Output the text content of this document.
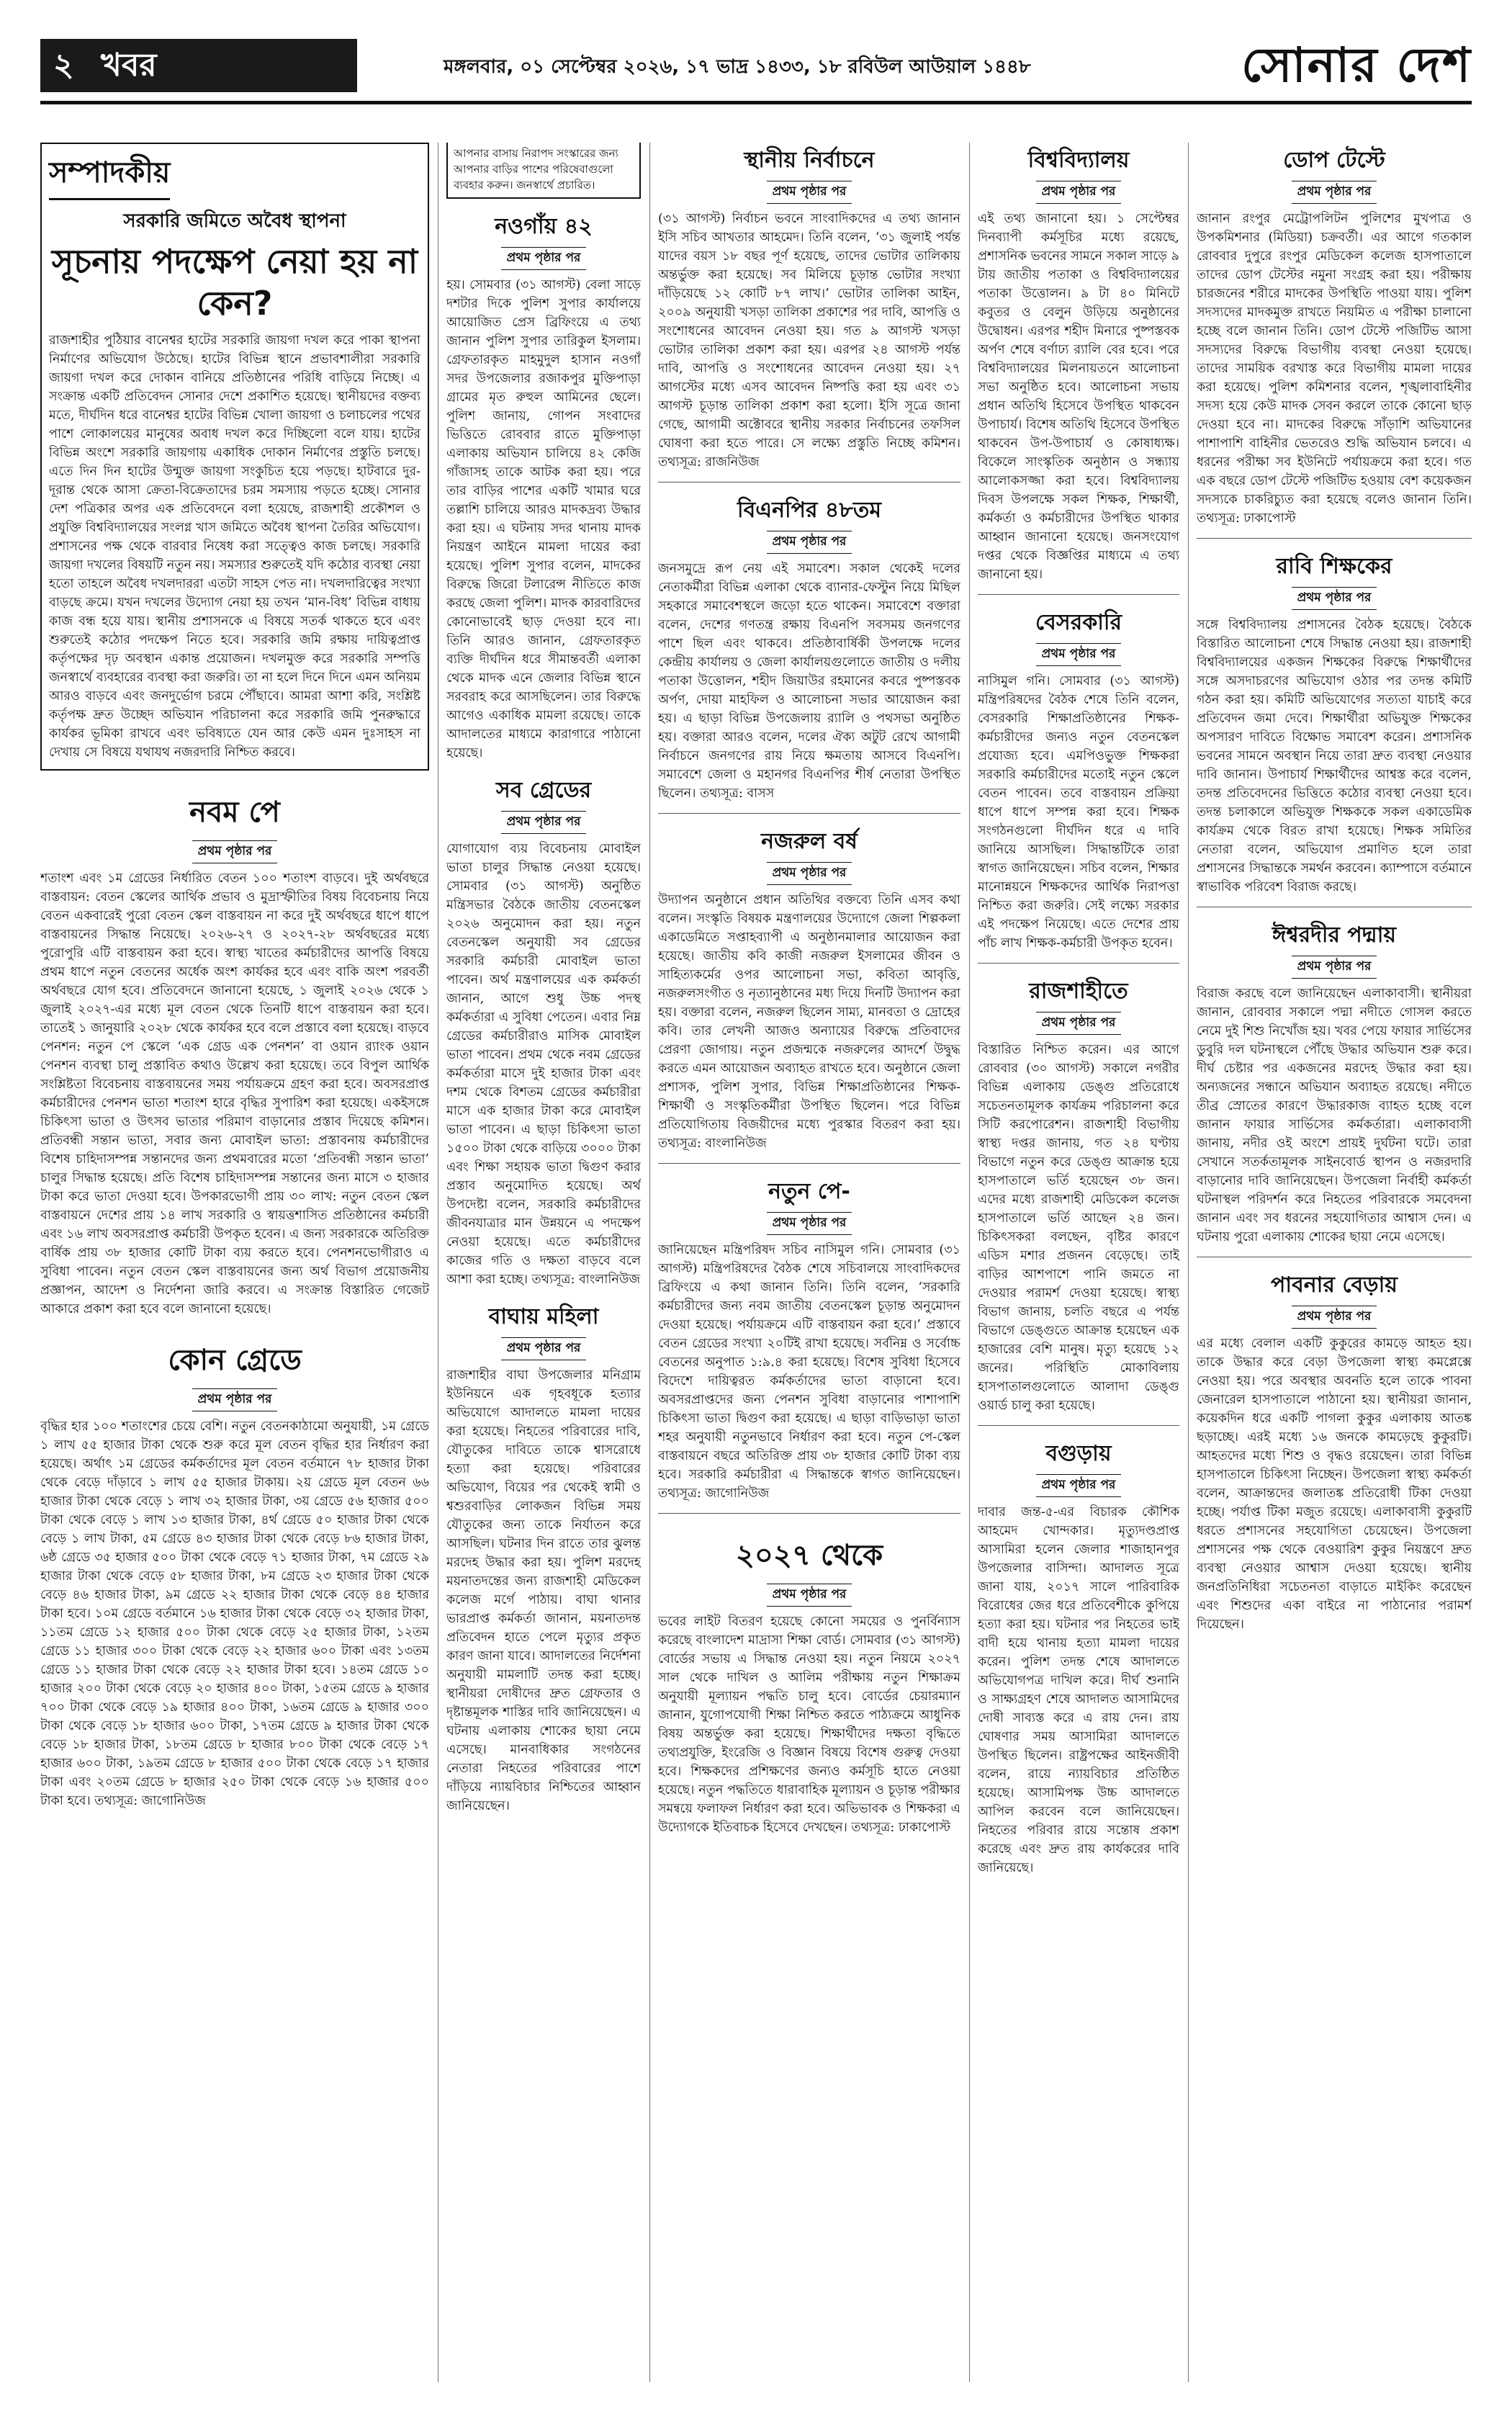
২ খবর	মঙ্গলবার, ০১ সেপ্টেম্বর ২০২৬, ১৭ ভাদ্র ১৪৩৩, ১৮ রবিউল আউয়াল ১৪৪৮	সোনার দেশ
সম্পাদকীয়
সরকারি জমিতে অবৈধ স্থাপনা
সূচনায় পদক্ষেপ নেয়া হয় না কেন?

রাজশাহীর পুঠিয়ার বানেশ্বর হাটের সরকারি জায়গা দখল করে পাকা স্থাপনা নির্মাণের অভিযোগ উঠেছে। হাটের বিভিন্ন স্থানে প্রভাবশালীরা সরকারি জায়গা দখল করে দোকান বানিয়ে প্রতিষ্ঠানের পরিধি বাড়িয়ে নিচ্ছে। এ সংক্রান্ত একটি প্রতিবেদন সোনার দেশে প্রকাশিত হয়েছে। স্থানীয়দের বক্তব্য মতে, দীর্ঘদিন ধরে বানেশ্বর হাটের বিভিন্ন খোলা জায়গা ও চলাচলের পথের পাশে লোকালয়ের মানুষের অবাধ দখল করে দিচ্ছিলো বলে যায়। হাটের বিভিন্ন অংশে সরকারি জায়গায় একাধিক দোকান নির্মাণের প্রস্তুতি চলছে। এতে দিন দিন হাটের উন্মুক্ত জায়গা সংকুচিত হয়ে পড়ছে। হাটবারে দুর-দূরান্ত থেকে আসা ক্রেতা-বিক্রেতাদের চরম সমস্যায় পড়তে হচ্ছে। সোনার দেশ পত্রিকার অপর এক প্রতিবেদনে বলা হয়েছে, রাজশাহী প্রকৌশল ও প্রযুক্তি বিশ্ববিদ্যালয়ের সংলগ্ন খাস জমিতে অবৈধ স্থাপনা তৈরির অভিযোগ। প্রশাসনের পক্ষ থেকে বারবার নিষেধ করা সত্ত্বেও কাজ চলছে। সরকারি জায়গা দখলের বিষয়টি নতুন নয়। সমস্যার শুরুতেই যদি কঠোর ব্যবস্থা নেয়া হতো তাহলে অবৈধ দখলদাররা এতটা সাহস পেত না। দখলদারিত্বের সংখ্যা বাড়ছে ক্রমে। যখন দখলের উদ্যোগ নেয়া হয় তখন ‘মান-বিধ’ বিভিন্ন বাধায় কাজ বন্ধ হয়ে যায়। স্থানীয় প্রশাসনকে এ বিষয়ে সতর্ক থাকতে হবে এবং শুরুতেই কঠোর পদক্ষেপ নিতে হবে। সরকারি জমি রক্ষায় দায়িত্বপ্রাপ্ত কর্তৃপক্ষের দৃঢ় অবস্থান একান্ত প্রয়োজন। দখলমুক্ত করে সরকারি সম্পত্তি জনস্বার্থে ব্যবহারের ব্যবস্থা করা জরুরি। তা না হলে দিনে দিনে এমন অনিয়ম আরও বাড়বে এবং জনদুর্ভোগ চরমে পৌঁছাবে। আমরা আশা করি, সংশ্লিষ্ট কর্তৃপক্ষ দ্রুত উচ্ছেদ অভিযান পরিচালনা করে সরকারি জমি পুনরুদ্ধারে কার্যকর ভূমিকা রাখবে এবং ভবিষ্যতে যেন আর কেউ এমন দুঃসাহস না দেখায় সে বিষয়ে যথাযথ নজরদারি নিশ্চিত করবে।

নবম পে
প্রথম পৃষ্ঠার পর

শতাংশ এবং ১ম গ্রেডের নির্ধারিত বেতন ১০০ শতাংশ বাড়বে। দুই অর্থবছরে বাস্তবায়ন: বেতন স্কেলের আর্থিক প্রভাব ও মুদ্রাস্ফীতির বিষয় বিবেচনায় নিয়ে বেতন একবারেই পুরো বেতন স্কেল বাস্তবায়ন না করে দুই অর্থবছরে ধাপে ধাপে বাস্তবায়নের সিদ্ধান্ত নিয়েছে। ২০২৬-২৭ ও ২০২৭-২৮ অর্থবছরের মধ্যে পুরোপুরি এটি বাস্তবায়ন করা হবে। স্বাস্থ্য খাতের কর্মচারীদের আপত্তি বিষয়ে প্রথম ধাপে নতুন বেতনের অর্ধেক অংশ কার্যকর হবে এবং বাকি অংশ পরবর্তী অর্থবছরে যোগ হবে। প্রতিবেদনে জানানো হয়েছে, ১ জুলাই ২০২৬ থেকে ১ জুলাই ২০২৭-এর মধ্যে মূল বেতন থেকে তিনটি ধাপে বাস্তবায়ন করা হবে। তাতেই ১ জানুয়ারি ২০২৮ থেকে কার্যকর হবে বলে প্রস্তাবে বলা হয়েছে। বাড়বে পেনশন: নতুন পে স্কেলে ‘এক গ্রেড এক পেনশন’ বা ওয়ান র‍্যাংক ওয়ান পেনশন ব্যবস্থা চালু প্রস্তাবিত কথাও উল্লেখ করা হয়েছে। তবে বিপুল আর্থিক সংশ্লিষ্টতা বিবেচনায় বাস্তবায়নের সময় পর্যায়ক্রমে গ্রহণ করা হবে। অবসরপ্রাপ্ত কর্মচারীদের পেনশন ভাতা শতাংশ হারে বৃদ্ধির সুপারিশ করা হয়েছে। একইসঙ্গে চিকিৎসা ভাতা ও উৎসব ভাতার পরিমাণ বাড়ানোর প্রস্তাব দিয়েছে কমিশন। প্রতিবন্ধী সন্তান ভাতা, সবার জন্য মোবাইল ভাতা: প্রস্তাবনায় কর্মচারীদের বিশেষ চাহিদাসম্পন্ন সন্তানদের জন্য প্রথমবারের মতো ‘প্রতিবন্ধী সন্তান ভাতা’ চালুর সিদ্ধান্ত হয়েছে। প্রতি বিশেষ চাহিদাসম্পন্ন সন্তানের জন্য মাসে ৩ হাজার টাকা করে ভাতা দেওয়া হবে। উপকারভোগী প্রায় ৩০ লাখ: নতুন বেতন স্কেল বাস্তবায়নে দেশের প্রায় ১৪ লাখ সরকারি ও স্বায়ত্তশাসিত প্রতিষ্ঠানের কর্মচারী এবং ১৬ লাখ অবসরপ্রাপ্ত কর্মচারী উপকৃত হবেন। এ জন্য সরকারকে অতিরিক্ত বার্ষিক প্রায় ৩৮ হাজার কোটি টাকা ব্যয় করতে হবে। পেনশনভোগীরাও এ সুবিধা পাবেন। নতুন বেতন স্কেল বাস্তবায়নের জন্য অর্থ বিভাগ প্রয়োজনীয় প্রজ্ঞাপন, আদেশ ও নির্দেশনা জারি করবে। এ সংক্রান্ত বিস্তারিত গেজেট আকারে প্রকাশ করা হবে বলে জানানো হয়েছে।

কোন গ্রেডে
প্রথম পৃষ্ঠার পর

বৃদ্ধির হার ১০০ শতাংশের চেয়ে বেশি। নতুন বেতনকাঠামো অনুযায়ী, ১ম গ্রেডে ১ লাখ ৫৫ হাজার টাকা থেকে শুরু করে মূল বেতন বৃদ্ধির হার নির্ধারণ করা হয়েছে। অর্থাৎ ১ম গ্রেডের কর্মকর্তাদের মূল বেতন বর্তমানে ৭৮ হাজার টাকা থেকে বেড়ে দাঁড়াবে ১ লাখ ৫৫ হাজার টাকায়। ২য় গ্রেডে মূল বেতন ৬৬ হাজার টাকা থেকে বেড়ে ১ লাখ ৩২ হাজার টাকা, ৩য় গ্রেডে ৫৬ হাজার ৫০০ টাকা থেকে বেড়ে ১ লাখ ১৩ হাজার টাকা, ৪র্থ গ্রেডে ৫০ হাজার টাকা থেকে বেড়ে ১ লাখ টাকা, ৫ম গ্রেডে ৪৩ হাজার টাকা থেকে বেড়ে ৮৬ হাজার টাকা, ৬ষ্ঠ গ্রেডে ৩৫ হাজার ৫০০ টাকা থেকে বেড়ে ৭১ হাজার টাকা, ৭ম গ্রেডে ২৯ হাজার টাকা থেকে বেড়ে ৫৮ হাজার টাকা, ৮ম গ্রেডে ২৩ হাজার টাকা থেকে বেড়ে ৪৬ হাজার টাকা, ৯ম গ্রেডে ২২ হাজার টাকা থেকে বেড়ে ৪৪ হাজার টাকা হবে। ১০ম গ্রেডে বর্তমানে ১৬ হাজার টাকা থেকে বেড়ে ৩২ হাজার টাকা, ১১তম গ্রেডে ১২ হাজার ৫০০ টাকা থেকে বেড়ে ২৫ হাজার টাকা, ১২তম গ্রেডে ১১ হাজার ৩০০ টাকা থেকে বেড়ে ২২ হাজার ৬০০ টাকা এবং ১৩তম গ্রেডে ১১ হাজার টাকা থেকে বেড়ে ২২ হাজার টাকা হবে। ১৪তম গ্রেডে ১০ হাজার ২০০ টাকা থেকে বেড়ে ২০ হাজার ৪০০ টাকা, ১৫তম গ্রেডে ৯ হাজার ৭০০ টাকা থেকে বেড়ে ১৯ হাজার ৪০০ টাকা, ১৬তম গ্রেডে ৯ হাজার ৩০০ টাকা থেকে বেড়ে ১৮ হাজার ৬০০ টাকা, ১৭তম গ্রেডে ৯ হাজার টাকা থেকে বেড়ে ১৮ হাজার টাকা, ১৮তম গ্রেডে ৮ হাজার ৮০০ টাকা থেকে বেড়ে ১৭ হাজার ৬০০ টাকা, ১৯তম গ্রেডে ৮ হাজার ৫০০ টাকা থেকে বেড়ে ১৭ হাজার টাকা এবং ২০তম গ্রেডে ৮ হাজার ২৫০ টাকা থেকে বেড়ে ১৬ হাজার ৫০০ টাকা হবে। তথ্যসূত্র: জাগোনিউজ

আপনার বাসায় নিরাপদ সংস্কারের জন্য আপনার বাড়ির পাশের পরিষেবাগুলো ব্যবহার করুন। জনস্বার্থে প্রচারিত।
নওগাঁয় ৪২
প্রথম পৃষ্ঠার পর

হয়। সোমবার (৩১ আগস্ট) বেলা সাড়ে দশটার দিকে পুলিশ সুপার কার্যালয়ে আয়োজিত প্রেস ব্রিফিংয়ে এ তথ্য জানান পুলিশ সুপার তারিকুল ইসলাম। গ্রেফতারকৃত মাহমুদুল হাসান নওগাঁ সদর উপজেলার রজাকপুর মুক্তিপাড়া গ্রামের মৃত রুহুল আমিনের ছেলে। পুলিশ জানায়, গোপন সংবাদের ভিত্তিতে রোববার রাতে মুক্তিপাড়া এলাকায় অভিযান চালিয়ে ৪২ কেজি গাঁজাসহ তাকে আটক করা হয়। পরে তার বাড়ির পাশের একটি খামার ঘরে তল্লাশি চালিয়ে আরও মাদকদ্রব্য উদ্ধার করা হয়। এ ঘটনায় সদর থানায় মাদক নিয়ন্ত্রণ আইনে মামলা দায়ের করা হয়েছে। পুলিশ সুপার বলেন, মাদকের বিরুদ্ধে জিরো টলারেন্স নীতিতে কাজ করছে জেলা পুলিশ। মাদক কারবারিদের কোনোভাবেই ছাড় দেওয়া হবে না। তিনি আরও জানান, গ্রেফতারকৃত ব্যক্তি দীর্ঘদিন ধরে সীমান্তবর্তী এলাকা থেকে মাদক এনে জেলার বিভিন্ন স্থানে সরবরাহ করে আসছিলেন। তার বিরুদ্ধে আগেও একাধিক মামলা রয়েছে। তাকে আদালতের মাধ্যমে কারাগারে পাঠানো হয়েছে।

সব গ্রেডের
প্রথম পৃষ্ঠার পর

যোগাযোগ ব্যয় বিবেচনায় মোবাইল ভাতা চালুর সিদ্ধান্ত নেওয়া হয়েছে। সোমবার (৩১ আগস্ট) অনুষ্ঠিত মন্ত্রিসভার বৈঠকে জাতীয় বেতনস্কেল ২০২৬ অনুমোদন করা হয়। নতুন বেতনস্কেল অনুযায়ী সব গ্রেডের সরকারি কর্মচারী মোবাইল ভাতা পাবেন। অর্থ মন্ত্রণালয়ের এক কর্মকর্তা জানান, আগে শুধু উচ্চ পদস্থ কর্মকর্তারা এ সুবিধা পেতেন। এবার নিম্ন গ্রেডের কর্মচারীরাও মাসিক মোবাইল ভাতা পাবেন। প্রথম থেকে নবম গ্রেডের কর্মকর্তারা মাসে দুই হাজার টাকা এবং দশম থেকে বিশতম গ্রেডের কর্মচারীরা মাসে এক হাজার টাকা করে মোবাইল ভাতা পাবেন। এ ছাড়া চিকিৎসা ভাতা ১৫০০ টাকা থেকে বাড়িয়ে ৩০০০ টাকা এবং শিক্ষা সহায়ক ভাতা দ্বিগুণ করার প্রস্তাব অনুমোদিত হয়েছে। অর্থ উপদেষ্টা বলেন, সরকারি কর্মচারীদের জীবনযাত্রার মান উন্নয়নে এ পদক্ষেপ নেওয়া হয়েছে। এতে কর্মচারীদের কাজের গতি ও দক্ষতা বাড়বে বলে আশা করা হচ্ছে। তথ্যসূত্র: বাংলানিউজ

বাঘায় মহিলা
প্রথম পৃষ্ঠার পর

রাজশাহীর বাঘা উপজেলার মনিগ্রাম ইউনিয়নে এক গৃহবধূকে হত্যার অভিযোগে আদালতে মামলা দায়ের করা হয়েছে। নিহতের পরিবারের দাবি, যৌতুকের দাবিতে তাকে শ্বাসরোধে হত্যা করা হয়েছে। পরিবারের অভিযোগ, বিয়ের পর থেকেই স্বামী ও শ্বশুরবাড়ির লোকজন বিভিন্ন সময় যৌতুকের জন্য তাকে নির্যাতন করে আসছিল। ঘটনার দিন রাতে তার ঝুলন্ত মরদেহ উদ্ধার করা হয়। পুলিশ মরদেহ ময়নাতদন্তের জন্য রাজশাহী মেডিকেল কলেজ মর্গে পাঠায়। বাঘা থানার ভারপ্রাপ্ত কর্মকর্তা জানান, ময়নাতদন্ত প্রতিবেদন হাতে পেলে মৃত্যুর প্রকৃত কারণ জানা যাবে। আদালতের নির্দেশনা অনুযায়ী মামলাটি তদন্ত করা হচ্ছে। স্থানীয়রা দোষীদের দ্রুত গ্রেফতার ও দৃষ্টান্তমূলক শাস্তির দাবি জানিয়েছেন। এ ঘটনায় এলাকায় শোকের ছায়া নেমে এসেছে। মানবাধিকার সংগঠনের নেতারা নিহতের পরিবারের পাশে দাঁড়িয়ে ন্যায়বিচার নিশ্চিতের আহ্বান জানিয়েছেন।

স্থানীয় নির্বাচনে
প্রথম পৃষ্ঠার পর

(৩১ আগস্ট) নির্বাচন ভবনে সাংবাদিকদের এ তথ্য জানান ইসি সচিব আখতার আহমেদ। তিনি বলেন, ‘৩১ জুলাই পর্যন্ত যাদের বয়স ১৮ বছর পূর্ণ হয়েছে, তাদের ভোটার তালিকায় অন্তর্ভুক্ত করা হয়েছে। সব মিলিয়ে চূড়ান্ত ভোটার সংখ্যা দাঁড়িয়েছে ১২ কোটি ৮৭ লাখ।’ ভোটার তালিকা আইন, ২০০৯ অনুযায়ী খসড়া তালিকা প্রকাশের পর দাবি, আপত্তি ও সংশোধনের আবেদন নেওয়া হয়। গত ৯ আগস্ট খসড়া ভোটার তালিকা প্রকাশ করা হয়। এরপর ২৪ আগস্ট পর্যন্ত দাবি, আপত্তি ও সংশোধনের আবেদন নেওয়া হয়। ২৭ আগস্টের মধ্যে এসব আবেদন নিষ্পত্তি করা হয় এবং ৩১ আগস্ট চূড়ান্ত তালিকা প্রকাশ করা হলো। ইসি সূত্রে জানা গেছে, আগামী অক্টোবরে স্থানীয় সরকার নির্বাচনের তফসিল ঘোষণা করা হতে পারে। সে লক্ষ্যে প্রস্তুতি নিচ্ছে কমিশন। তথ্যসূত্র: রাজনিউজ

বিএনপির ৪৮তম
প্রথম পৃষ্ঠার পর

জনসমুদ্রে রূপ নেয় এই সমাবেশ। সকাল থেকেই দলের নেতাকর্মীরা বিভিন্ন এলাকা থেকে ব্যানার-ফেস্টুন নিয়ে মিছিল সহকারে সমাবেশস্থলে জড়ো হতে থাকেন। সমাবেশে বক্তারা বলেন, দেশের গণতন্ত্র রক্ষায় বিএনপি সবসময় জনগণের পাশে ছিল এবং থাকবে। প্রতিষ্ঠাবার্ষিকী উপলক্ষে দলের কেন্দ্রীয় কার্যালয় ও জেলা কার্যালয়গুলোতে জাতীয় ও দলীয় পতাকা উত্তোলন, শহীদ জিয়াউর রহমানের কবরে পুষ্পস্তবক অর্পণ, দোয়া মাহফিল ও আলোচনা সভার আয়োজন করা হয়। এ ছাড়া বিভিন্ন উপজেলায় র‍্যালি ও পথসভা অনুষ্ঠিত হয়। বক্তারা আরও বলেন, দলের ঐক্য অটুট রেখে আগামী নির্বাচনে জনগণের রায় নিয়ে ক্ষমতায় আসবে বিএনপি। সমাবেশে জেলা ও মহানগর বিএনপির শীর্ষ নেতারা উপস্থিত ছিলেন। তথ্যসূত্র: বাসস

নজরুল বর্ষ
প্রথম পৃষ্ঠার পর

উদ্যাপন অনুষ্ঠানে প্রধান অতিথির বক্তব্যে তিনি এসব কথা বলেন। সংস্কৃতি বিষয়ক মন্ত্রণালয়ের উদ্যোগে জেলা শিল্পকলা একাডেমিতে সপ্তাহব্যাপী এ অনুষ্ঠানমালার আয়োজন করা হয়েছে। জাতীয় কবি কাজী নজরুল ইসলামের জীবন ও সাহিত্যকর্মের ওপর আলোচনা সভা, কবিতা আবৃত্তি, নজরুলসংগীত ও নৃত্যানুষ্ঠানের মধ্য দিয়ে দিনটি উদ্যাপন করা হয়। বক্তারা বলেন, নজরুল ছিলেন সাম্য, মানবতা ও দ্রোহের কবি। তার লেখনী আজও অন্যায়ের বিরুদ্ধে প্রতিবাদের প্রেরণা জোগায়। নতুন প্রজন্মকে নজরুলের আদর্শে উদ্বুদ্ধ করতে এমন আয়োজন অব্যাহত রাখতে হবে। অনুষ্ঠানে জেলা প্রশাসক, পুলিশ সুপার, বিভিন্ন শিক্ষাপ্রতিষ্ঠানের শিক্ষক-শিক্ষার্থী ও সংস্কৃতিকর্মীরা উপস্থিত ছিলেন। পরে বিভিন্ন প্রতিযোগিতায় বিজয়ীদের মধ্যে পুরস্কার বিতরণ করা হয়। তথ্যসূত্র: বাংলানিউজ

নতুন পে-
প্রথম পৃষ্ঠার পর

জানিয়েছেন মন্ত্রিপরিষদ সচিব নাসিমুল গনি। সোমবার (৩১ আগস্ট) মন্ত্রিপরিষদের বৈঠক শেষে সচিবালয়ে সাংবাদিকদের ব্রিফিংয়ে এ কথা জানান তিনি। তিনি বলেন, ‘সরকারি কর্মচারীদের জন্য নবম জাতীয় বেতনস্কেল চূড়ান্ত অনুমোদন দেওয়া হয়েছে। পর্যায়ক্রমে এটি বাস্তবায়ন করা হবে।’ প্রস্তাবে বেতন গ্রেডের সংখ্যা ২০টিই রাখা হয়েছে। সর্বনিম্ন ও সর্বোচ্চ বেতনের অনুপাত ১:৯.৪ করা হয়েছে। বিশেষ সুবিধা হিসেবে বিদেশে দায়িত্বরত কর্মকর্তাদের ভাতা বাড়ানো হবে। অবসরপ্রাপ্তদের জন্য পেনশন সুবিধা বাড়ানোর পাশাপাশি চিকিৎসা ভাতা দ্বিগুণ করা হয়েছে। এ ছাড়া বাড়িভাড়া ভাতা শহর অনুযায়ী নতুনভাবে নির্ধারণ করা হবে। নতুন পে-স্কেল বাস্তবায়নে বছরে অতিরিক্ত প্রায় ৩৮ হাজার কোটি টাকা ব্যয় হবে। সরকারি কর্মচারীরা এ সিদ্ধান্তকে স্বাগত জানিয়েছেন। তথ্যসূত্র: জাগোনিউজ

২০২৭ থেকে
প্রথম পৃষ্ঠার পর

ভবের লাইট বিতরণ হয়েছে কোনো সময়ের ও পুনর্বিন্যাস করেছে বাংলাদেশ মাদ্রাসা শিক্ষা বোর্ড। সোমবার (৩১ আগস্ট) বোর্ডের সভায় এ সিদ্ধান্ত নেওয়া হয়। নতুন নিয়মে ২০২৭ সাল থেকে দাখিল ও আলিম পরীক্ষায় নতুন শিক্ষাক্রম অনুযায়ী মূল্যায়ন পদ্ধতি চালু হবে। বোর্ডের চেয়ারম্যান জানান, যুগোপযোগী শিক্ষা নিশ্চিত করতে পাঠ্যক্রমে আধুনিক বিষয় অন্তর্ভুক্ত করা হয়েছে। শিক্ষার্থীদের দক্ষতা বৃদ্ধিতে তথ্যপ্রযুক্তি, ইংরেজি ও বিজ্ঞান বিষয়ে বিশেষ গুরুত্ব দেওয়া হবে। শিক্ষকদের প্রশিক্ষণের জন্যও কর্মসূচি হাতে নেওয়া হয়েছে। নতুন পদ্ধতিতে ধারাবাহিক মূল্যায়ন ও চূড়ান্ত পরীক্ষার সমন্বয়ে ফলাফল নির্ধারণ করা হবে। অভিভাবক ও শিক্ষকরা এ উদ্যোগকে ইতিবাচক হিসেবে দেখছেন। তথ্যসূত্র: ঢাকাপোস্ট

বিশ্ববিদ্যালয়
প্রথম পৃষ্ঠার পর

এই তথ্য জানানো হয়। ১ সেপ্টেম্বর দিনব্যাপী কর্মসূচির মধ্যে রয়েছে, প্রশাসনিক ভবনের সামনে সকাল সাড়ে ৯ টায় জাতীয় পতাকা ও বিশ্ববিদ্যালয়ের পতাকা উত্তোলন। ৯ টা ৪০ মিনিটে কবুতর ও বেলুন উড়িয়ে অনুষ্ঠানের উদ্বোধন। এরপর শহীদ মিনারে পুষ্পস্তবক অর্পণ শেষে বর্ণাঢ্য র‍্যালি বের হবে। পরে বিশ্ববিদ্যালয়ের মিলনায়তনে আলোচনা সভা অনুষ্ঠিত হবে। আলোচনা সভায় প্রধান অতিথি হিসেবে উপস্থিত থাকবেন উপাচার্য। বিশেষ অতিথি হিসেবে উপস্থিত থাকবেন উপ-উপাচার্য ও কোষাধ্যক্ষ। বিকেলে সাংস্কৃতিক অনুষ্ঠান ও সন্ধ্যায় আলোকসজ্জা করা হবে। বিশ্ববিদ্যালয় দিবস উপলক্ষে সকল শিক্ষক, শিক্ষার্থী, কর্মকর্তা ও কর্মচারীদের উপস্থিত থাকার আহ্বান জানানো হয়েছে। জনসংযোগ দপ্তর থেকে বিজ্ঞপ্তির মাধ্যমে এ তথ্য জানানো হয়।

বেসরকারি
প্রথম পৃষ্ঠার পর

নাসিমুল গনি। সোমবার (৩১ আগস্ট) মন্ত্রিপরিষদের বৈঠক শেষে তিনি বলেন, বেসরকারি শিক্ষাপ্রতিষ্ঠানের শিক্ষক-কর্মচারীদের জন্যও নতুন বেতনস্কেল প্রযোজ্য হবে। এমপিওভুক্ত শিক্ষকরা সরকারি কর্মচারীদের মতোই নতুন স্কেলে বেতন পাবেন। তবে বাস্তবায়ন প্রক্রিয়া ধাপে ধাপে সম্পন্ন করা হবে। শিক্ষক সংগঠনগুলো দীর্ঘদিন ধরে এ দাবি জানিয়ে আসছিল। সিদ্ধান্তটিকে তারা স্বাগত জানিয়েছেন। সচিব বলেন, শিক্ষার মানোন্নয়নে শিক্ষকদের আর্থিক নিরাপত্তা নিশ্চিত করা জরুরি। সেই লক্ষ্যে সরকার এই পদক্ষেপ নিয়েছে। এতে দেশের প্রায় পাঁচ লাখ শিক্ষক-কর্মচারী উপকৃত হবেন।

রাজশাহীতে
প্রথম পৃষ্ঠার পর

বিস্তারিত নিশ্চিত করেন। এর আগে রোববার (৩০ আগস্ট) সকালে নগরীর বিভিন্ন এলাকায় ডেঙ্গু প্রতিরোধে সচেতনতামূলক কার্যক্রম পরিচালনা করে সিটি করপোরেশন। রাজশাহী বিভাগীয় স্বাস্থ্য দপ্তর জানায়, গত ২৪ ঘণ্টায় বিভাগে নতুন করে ডেঙ্গু আক্রান্ত হয়ে হাসপাতালে ভর্তি হয়েছেন ৩৮ জন। এদের মধ্যে রাজশাহী মেডিকেল কলেজ হাসপাতালে ভর্তি আছেন ২৪ জন। চিকিৎসকরা বলছেন, বৃষ্টির কারণে এডিস মশার প্রজনন বেড়েছে। তাই বাড়ির আশপাশে পানি জমতে না দেওয়ার পরামর্শ দেওয়া হয়েছে। স্বাস্থ্য বিভাগ জানায়, চলতি বছরে এ পর্যন্ত বিভাগে ডেঙ্গুতে আক্রান্ত হয়েছেন এক হাজারের বেশি মানুষ। মৃত্যু হয়েছে ১২ জনের। পরিস্থিতি মোকাবিলায় হাসপাতালগুলোতে আলাদা ডেঙ্গু ওয়ার্ড চালু করা হয়েছে।

বগুড়ায়
প্রথম পৃষ্ঠার পর

দাবার জন্ত-৫-এর বিচারক কৌশিক আহমেদ খোন্দকার। মৃত্যুদণ্ডপ্রাপ্ত আসামিরা হলেন জেলার শাজাহানপুর উপজেলার বাসিন্দা। আদালত সূত্রে জানা যায়, ২০১৭ সালে পারিবারিক বিরোধের জের ধরে প্রতিবেশীকে কুপিয়ে হত্যা করা হয়। ঘটনার পর নিহতের ভাই বাদী হয়ে থানায় হত্যা মামলা দায়ের করেন। পুলিশ তদন্ত শেষে আদালতে অভিযোগপত্র দাখিল করে। দীর্ঘ শুনানি ও সাক্ষ্যগ্রহণ শেষে আদালত আসামিদের দোষী সাব্যস্ত করে এ রায় দেন। রায় ঘোষণার সময় আসামিরা আদালতে উপস্থিত ছিলেন। রাষ্ট্রপক্ষের আইনজীবী বলেন, রায়ে ন্যায়বিচার প্রতিষ্ঠিত হয়েছে। আসামিপক্ষ উচ্চ আদালতে আপিল করবেন বলে জানিয়েছেন। নিহতের পরিবার রায়ে সন্তোষ প্রকাশ করেছে এবং দ্রুত রায় কার্যকরের দাবি জানিয়েছে।

ডোপ টেস্টে
প্রথম পৃষ্ঠার পর

জানান রংপুর মেট্রোপলিটন পুলিশের মুখপাত্র ও উপকমিশনার (মিডিয়া) চক্রবর্তী। এর আগে গতকাল রোববার দুপুরে রংপুর মেডিকেল কলেজ হাসপাতালে তাদের ডোপ টেস্টের নমুনা সংগ্রহ করা হয়। পরীক্ষায় চারজনের শরীরে মাদকের উপস্থিতি পাওয়া যায়। পুলিশ সদস্যদের মাদকমুক্ত রাখতে নিয়মিত এ পরীক্ষা চালানো হচ্ছে বলে জানান তিনি। ডোপ টেস্টে পজিটিভ আসা সদস্যদের বিরুদ্ধে বিভাগীয় ব্যবস্থা নেওয়া হয়েছে। তাদের সাময়িক বরখাস্ত করে বিভাগীয় মামলা দায়ের করা হয়েছে। পুলিশ কমিশনার বলেন, শৃঙ্খলাবাহিনীর সদস্য হয়ে কেউ মাদক সেবন করলে তাকে কোনো ছাড় দেওয়া হবে না। মাদকের বিরুদ্ধে সাঁড়াশি অভিযানের পাশাপাশি বাহিনীর ভেতরেও শুদ্ধি অভিযান চলবে। এ ধরনের পরীক্ষা সব ইউনিটে পর্যায়ক্রমে করা হবে। গত এক বছরে ডোপ টেস্টে পজিটিভ হওয়ায় বেশ কয়েকজন সদস্যকে চাকরিচ্যুত করা হয়েছে বলেও জানান তিনি। তথ্যসূত্র: ঢাকাপোস্ট

রাবি শিক্ষকের
প্রথম পৃষ্ঠার পর

সঙ্গে বিশ্ববিদ্যালয় প্রশাসনের বৈঠক হয়েছে। বৈঠকে বিস্তারিত আলোচনা শেষে সিদ্ধান্ত নেওয়া হয়। রাজশাহী বিশ্ববিদ্যালয়ের একজন শিক্ষকের বিরুদ্ধে শিক্ষার্থীদের সঙ্গে অসদাচরণের অভিযোগ ওঠার পর তদন্ত কমিটি গঠন করা হয়। কমিটি অভিযোগের সত্যতা যাচাই করে প্রতিবেদন জমা দেবে। শিক্ষার্থীরা অভিযুক্ত শিক্ষকের অপসারণ দাবিতে বিক্ষোভ সমাবেশ করেন। প্রশাসনিক ভবনের সামনে অবস্থান নিয়ে তারা দ্রুত ব্যবস্থা নেওয়ার দাবি জানান। উপাচার্য শিক্ষার্থীদের আশ্বস্ত করে বলেন, তদন্ত প্রতিবেদনের ভিত্তিতে কঠোর ব্যবস্থা নেওয়া হবে। তদন্ত চলাকালে অভিযুক্ত শিক্ষককে সকল একাডেমিক কার্যক্রম থেকে বিরত রাখা হয়েছে। শিক্ষক সমিতির নেতারা বলেন, অভিযোগ প্রমাণিত হলে তারা প্রশাসনের সিদ্ধান্তকে সমর্থন করবেন। ক্যাম্পাসে বর্তমানে স্বাভাবিক পরিবেশ বিরাজ করছে।

ঈশ্বরদীর পদ্মায়
প্রথম পৃষ্ঠার পর

বিরাজ করছে বলে জানিয়েছেন এলাকাবাসী। স্থানীয়রা জানান, রোববার সকালে পদ্মা নদীতে গোসল করতে নেমে দুই শিশু নিখোঁজ হয়। খবর পেয়ে ফায়ার সার্ভিসের ডুবুরি দল ঘটনাস্থলে পৌঁছে উদ্ধার অভিযান শুরু করে। দীর্ঘ চেষ্টার পর একজনের মরদেহ উদ্ধার করা হয়। অন্যজনের সন্ধানে অভিযান অব্যাহত রয়েছে। নদীতে তীব্র স্রোতের কারণে উদ্ধারকাজ ব্যাহত হচ্ছে বলে জানান ফায়ার সার্ভিসের কর্মকর্তারা। এলাকাবাসী জানায়, নদীর ওই অংশে প্রায়ই দুর্ঘটনা ঘটে। তারা সেখানে সতর্কতামূলক সাইনবোর্ড স্থাপন ও নজরদারি বাড়ানোর দাবি জানিয়েছেন। উপজেলা নির্বাহী কর্মকর্তা ঘটনাস্থল পরিদর্শন করে নিহতের পরিবারকে সমবেদনা জানান এবং সব ধরনের সহযোগিতার আশ্বাস দেন। এ ঘটনায় পুরো এলাকায় শোকের ছায়া নেমে এসেছে।

পাবনার বেড়ায়
প্রথম পৃষ্ঠার পর

এর মধ্যে বেলাল একটি কুকুরের কামড়ে আহত হয়। তাকে উদ্ধার করে বেড়া উপজেলা স্বাস্থ্য কমপ্লেক্সে নেওয়া হয়। পরে অবস্থার অবনতি হলে তাকে পাবনা জেনারেল হাসপাতালে পাঠানো হয়। স্থানীয়রা জানান, কয়েকদিন ধরে একটি পাগলা কুকুর এলাকায় আতঙ্ক ছড়াচ্ছে। এরই মধ্যে ১৬ জনকে কামড়েছে কুকুরটি। আহতদের মধ্যে শিশু ও বৃদ্ধও রয়েছেন। তারা বিভিন্ন হাসপাতালে চিকিৎসা নিচ্ছেন। উপজেলা স্বাস্থ্য কর্মকর্তা বলেন, আক্রান্তদের জলাতঙ্ক প্রতিরোধী টিকা দেওয়া হচ্ছে। পর্যাপ্ত টিকা মজুত রয়েছে। এলাকাবাসী কুকুরটি ধরতে প্রশাসনের সহযোগিতা চেয়েছেন। উপজেলা প্রশাসনের পক্ষ থেকে বেওয়ারিশ কুকুর নিয়ন্ত্রণে দ্রুত ব্যবস্থা নেওয়ার আশ্বাস দেওয়া হয়েছে। স্থানীয় জনপ্রতিনিধিরা সচেতনতা বাড়াতে মাইকিং করেছেন এবং শিশুদের একা বাইরে না পাঠানোর পরামর্শ দিয়েছেন।
